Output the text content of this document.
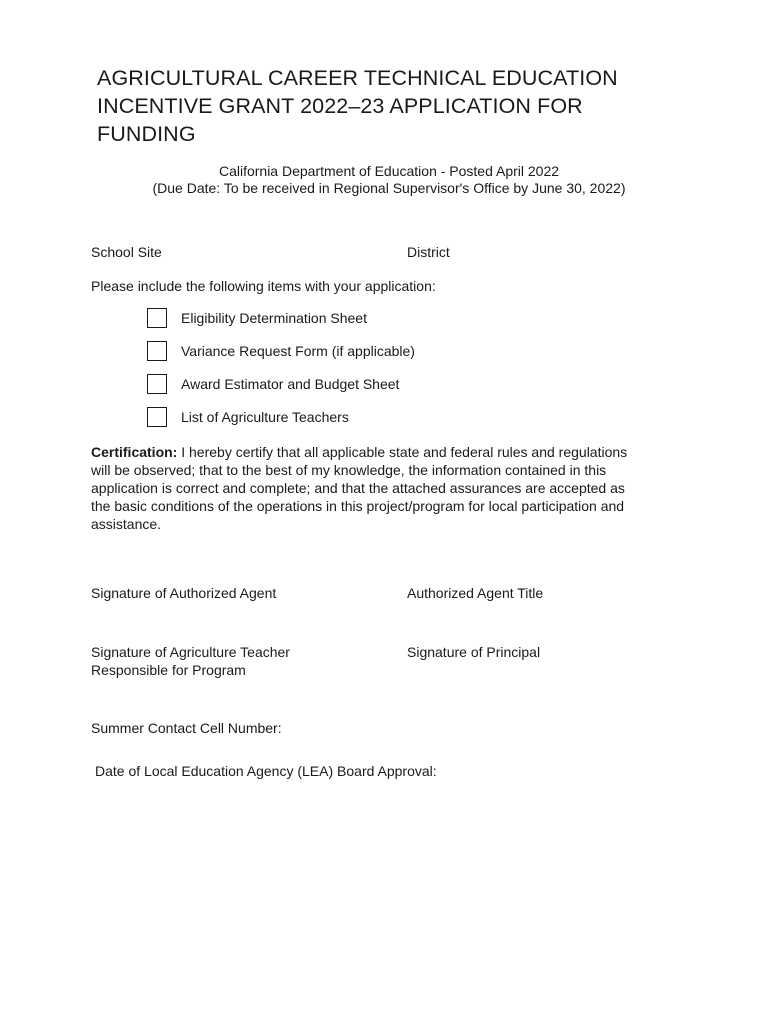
AGRICULTURAL CAREER TECHNICAL EDUCATION
INCENTIVE GRANT 2022–23 APPLICATION FOR
FUNDING
California Department of Education - Posted April 2022
(Due Date: To be received in Regional Supervisor's Office by June 30, 2022)
School Site	District
Please include the following items with your application:
Eligibility Determination Sheet
Variance Request Form (if applicable)
Award Estimator and Budget Sheet
List of Agriculture Teachers
Certification: I hereby certify that all applicable state and federal rules and regulations
will be observed; that to the best of my knowledge, the information contained in this
application is correct and complete; and that the attached assurances are accepted as
the basic conditions of the operations in this project/program for local participation and
assistance.
Signature of Authorized Agent	Authorized Agent Title
Signature of Agriculture Teacher
Responsible for Program
Signature of Principal
Summer Contact Cell Number:
Date of Local Education Agency (LEA) Board Approval:
